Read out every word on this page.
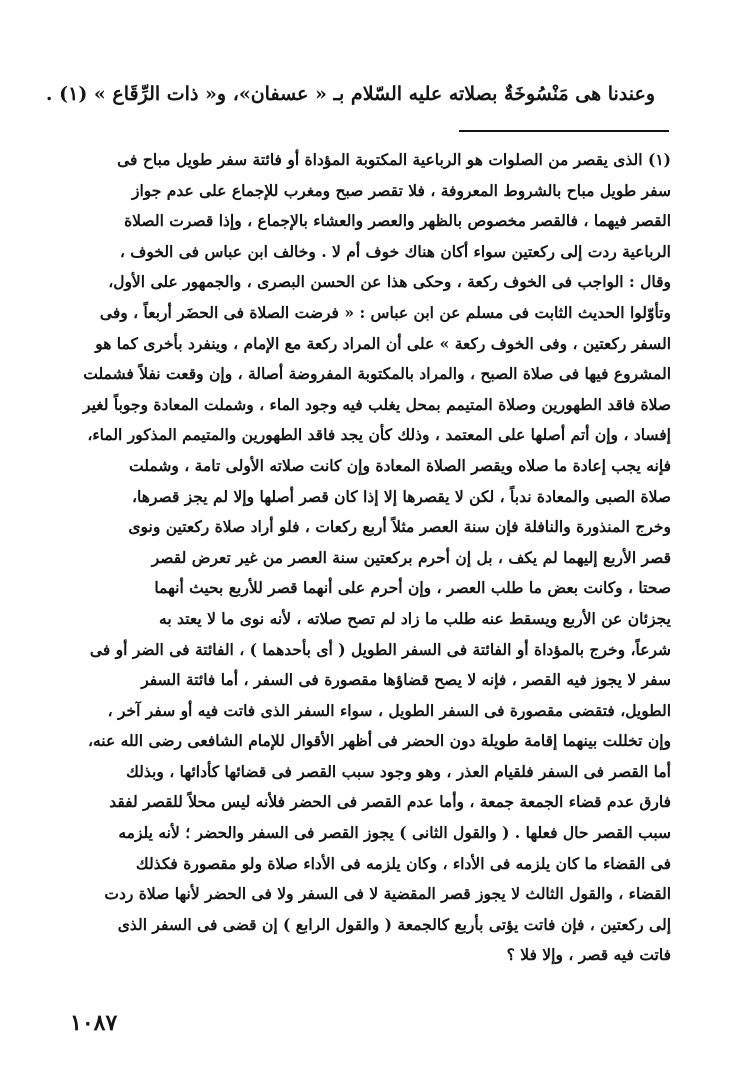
وعندنا هى مَنْسُوخَةٌ بصلاته عليه السّلام بـ « عسفان»، و« ذات الرِّقَاع » (١) .
(١) الذى يقصر من الصلوات هو الرباعية المكتوبة المؤداة أو فائتة سفر طويل مباح فى
سفر طويل مباح بالشروط المعروفة ، فلا تقصر صبح ومغرب للإجماع على عدم جواز
القصر فيهما ، فالقصر مخصوص بالظهر والعصر والعشاء بالإجماع ، وإذا قصرت الصلاة
الرباعية ردت إلى ركعتين سواء أكان هناك خوف أم لا . وخالف ابن عباس فى الخوف ،
وقال : الواجب فى الخوف ركعة ، وحكى هذا عن الحسن البصرى ، والجمهور على الأول،
وتأوّلوا الحديث الثابت فى مسلم عن ابن عباس : « فرضت الصلاة فى الحضَر أربعاً ، وفى
السفر ركعتين ، وفى الخوف ركعة » على أن المراد ركعة مع الإمام ، وينفرد بأخرى كما هو
المشروع فيها فى صلاة الصبح ، والمراد بالمكتوبة المفروضة أصالة ، وإن وقعت نفلاً فشملت
صلاة فاقد الطهورين وصلاة المتيمم بمحل يغلب فيه وجود الماء ، وشملت المعادة وجوباً لغير
إفساد ، وإن أتم أصلها على المعتمد ، وذلك كأن يجد فاقد الطهورين والمتيمم المذكور الماء،
فإنه يجب إعادة ما صلاه ويقصر الصلاة المعادة وإن كانت صلاته الأولى تامة ، وشملت
صلاة الصبى والمعادة ندباً ، لكن لا يقصرها إلا إذا كان قصر أصلها وإلا لم يجز قصرها،
وخرج المنذورة والنافلة فإن سنة العصر مثلاً أربع ركعات ، فلو أراد صلاة ركعتين ونوى
قصر الأربع إليهما لم يكف ، بل إن أحرم بركعتين سنة العصر من غير تعرض لقصر
صحتا ، وكانت بعض ما طلب العصر ، وإن أحرم على أنهما قصر للأربع بحيث أنهما
يجزئان عن الأربع ويسقط عنه طلب ما زاد لم تصح صلاته ، لأنه نوى ما لا يعتد به
شرعاً، وخرج بالمؤداة أو الفائتة فى السفر الطويل ( أى بأحدهما ) ، الفائتة فى الضر أو فى
سفر لا يجوز فيه القصر ، فإنه لا يصح قضاؤها مقصورة فى السفر ، أما فائتة السفر
الطويل، فتقضى مقصورة فى السفر الطويل ، سواء السفر الذى فاتت فيه أو سفر آخر ،
وإن تخللت بينهما إقامة طويلة دون الحضر فى أظهر الأقوال للإمام الشافعى رضى الله عنه،
أما القصر فى السفر فلقيام العذر ، وهو وجود سبب القصر فى قضائها كأدائها ، وبذلك
فارق عدم قضاء الجمعة جمعة ، وأما عدم القصر فى الحضر فلأنه ليس محلاً للقصر لفقد
سبب القصر حال فعلها . ( والقول الثانى ) يجوز القصر فى السفر والحضر ؛ لأنه يلزمه
فى القضاء ما كان يلزمه فى الأداء ، وكان يلزمه فى الأداء صلاة ولو مقصورة فكذلك
القضاء ، والقول الثالث لا يجوز قصر المقضية لا فى السفر ولا فى الحضر لأنها صلاة ردت
إلى ركعتين ، فإن فاتت يؤتى بأربع كالجمعة ( والقول الرابع ) إن قضى فى السفر الذى
فاتت فيه قصر ، وإلا فلا ؟
١٠٨٧
